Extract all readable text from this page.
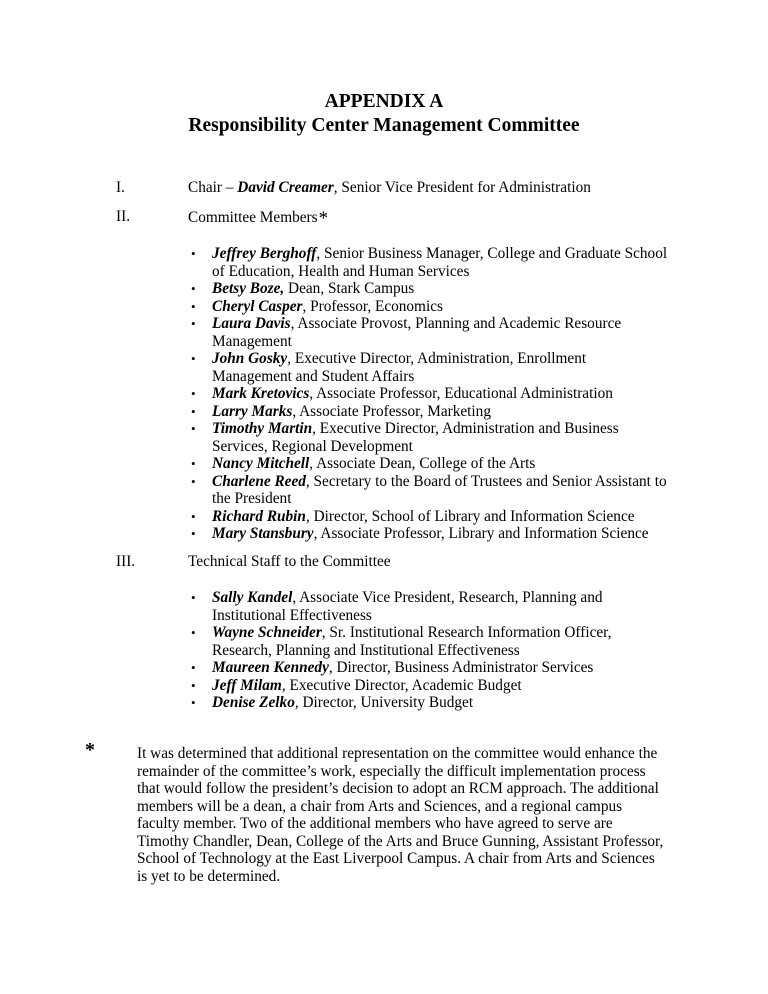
APPENDIX A
Responsibility Center Management Committee
I.	Chair – David Creamer, Senior Vice President for Administration
II.	Committee Members*
• Jeffrey Berghoff, Senior Business Manager, College and Graduate School of Education, Health and Human Services
• Betsy Boze, Dean, Stark Campus
• Cheryl Casper, Professor, Economics
• Laura Davis, Associate Provost, Planning and Academic Resource Management
• John Gosky, Executive Director, Administration, Enrollment Management and Student Affairs
• Mark Kretovics, Associate Professor, Educational Administration
• Larry Marks, Associate Professor, Marketing
• Timothy Martin, Executive Director, Administration and Business Services, Regional Development
• Nancy Mitchell, Associate Dean, College of the Arts
• Charlene Reed, Secretary to the Board of Trustees and Senior Assistant to the President
• Richard Rubin, Director, School of Library and Information Science
• Mary Stansbury, Associate Professor, Library and Information Science
III.	Technical Staff to the Committee
• Sally Kandel, Associate Vice President, Research, Planning and Institutional Effectiveness
• Wayne Schneider, Sr. Institutional Research Information Officer, Research, Planning and Institutional Effectiveness
• Maureen Kennedy, Director, Business Administrator Services
• Jeff Milam, Executive Director, Academic Budget
• Denise Zelko, Director, University Budget
*	It was determined that additional representation on the committee would enhance the remainder of the committee’s work, especially the difficult implementation process that would follow the president’s decision to adopt an RCM approach. The additional members will be a dean, a chair from Arts and Sciences, and a regional campus faculty member. Two of the additional members who have agreed to serve are Timothy Chandler, Dean, College of the Arts and Bruce Gunning, Assistant Professor, School of Technology at the East Liverpool Campus. A chair from Arts and Sciences is yet to be determined.
